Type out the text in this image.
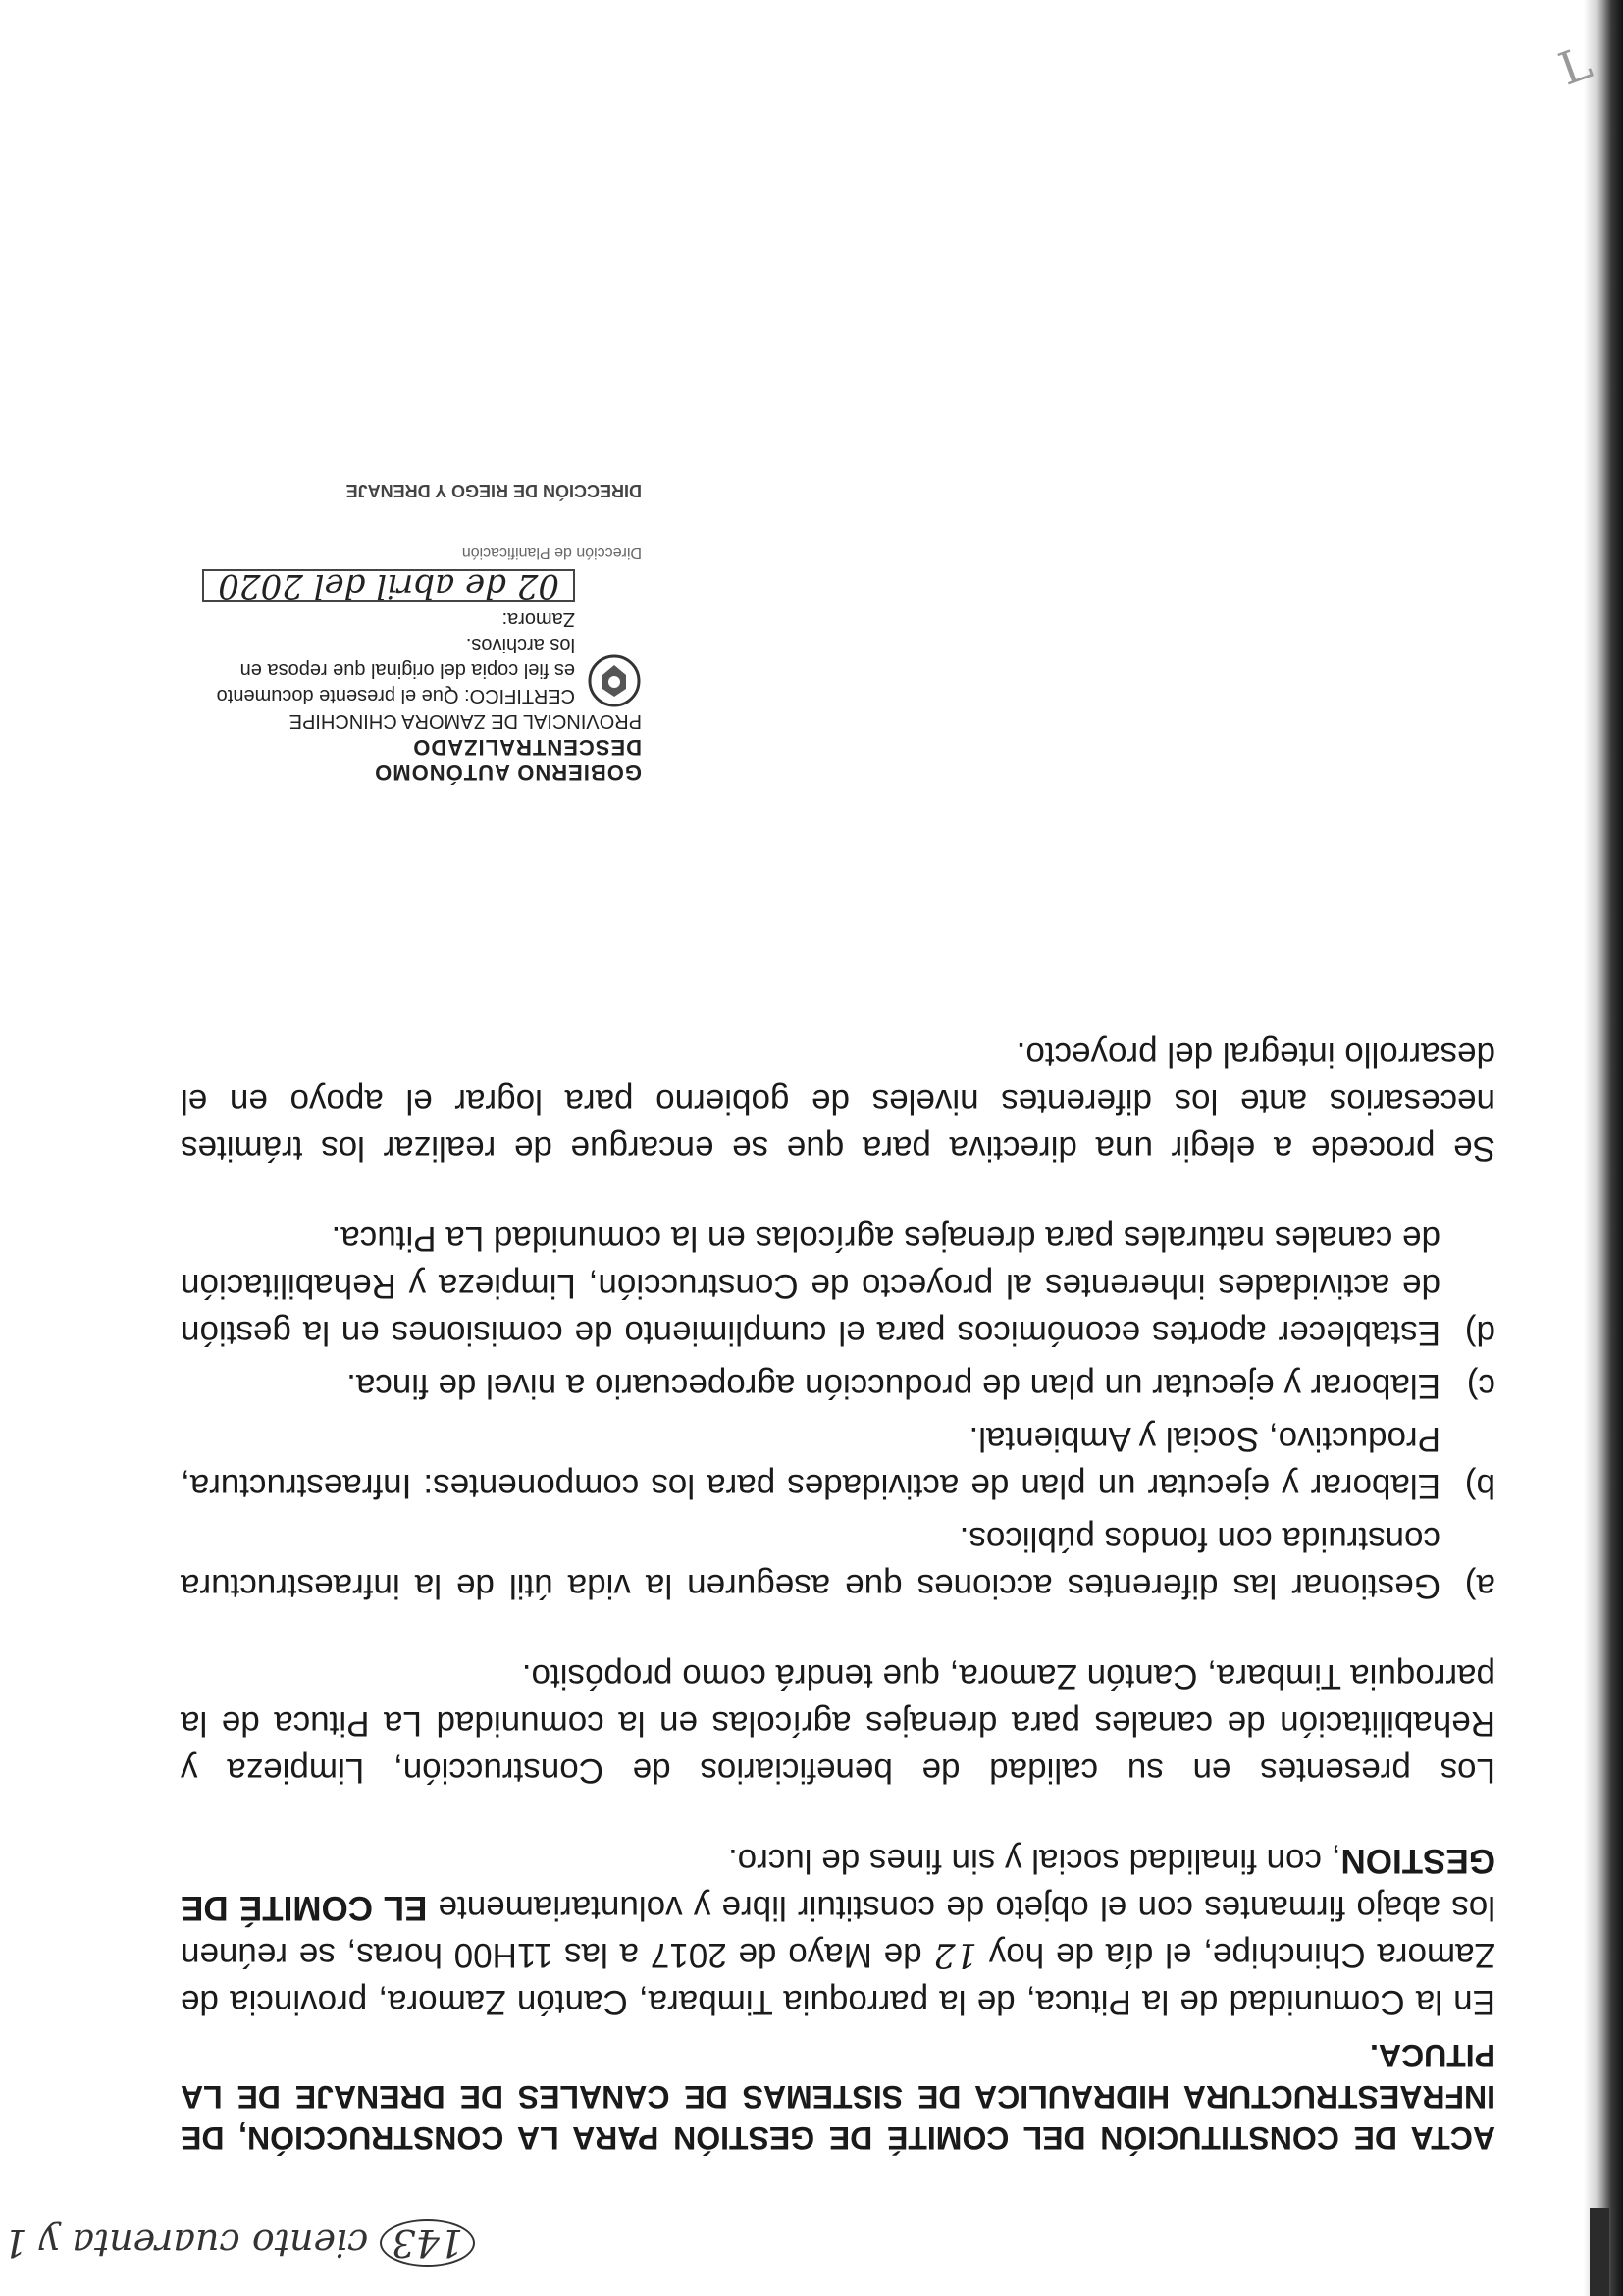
L
143 ciento cuarenta y 1
ACTA DE CONSTITUCIÓN DEL COMITÉ DE GESTIÓN PARA LA CONSTRUCCIÓN, DE
INFRAESTRUCTURA HIDRAULICA DE SISTEMAS DE CANALES DE DRENAJE DE LA PITUCA.

En la Comunidad de la Pituca, de la parroquia Timbara, Cantón Zamora, provincia de Zamora Chinchipe, el día de hoy 12 de Mayo de 2017 a las 11H00 horas, se reúnen los abajo firmantes con el objeto de constituir libre y voluntariamente EL COMITÉ DE GESTION, con finalidad social y sin fines de lucro.

Los presentes en su calidad de beneficiarios de Construcción, Limpieza y Rehabilitación de canales para drenajes agrícolas en la comunidad La Pituca de la parroquia Timbara, Cantón Zamora, que tendrá como propósito.

a)
Gestionar las diferentes acciones que aseguren la vida útil de la infraestructura construida con fondos públicos.
b)
Elaborar y ejecutar un plan de actividades para los componentes: Infraestructura, Productivo, Social y Ambiental.
c)
Elaborar y ejecutar un plan de producción agropecuario a nivel de finca.
d)
Establecer aportes económicos para el cumplimiento de comisiones en la gestión de actividades inherentes al proyecto de Construcción, Limpieza y Rehabilitación de canales naturales para drenajes agrícolas en la comunidad La Pituca.

Se procede a elegir una directiva para que se encargue de realizar los trámites necesarios ante los diferentes niveles de gobierno para lograr el apoyo en el desarrollo integral del proyecto.

GOBIERNO AUTÓNOMO DESCENTRALIZADO
PROVINCIAL DE ZAMORA CHINCHIPE
CERTIFICO: Que el presente documento
es fiel copia del original que reposa en
los archivos.
Zamora: 02 de abril del 2020
Dirección de Planificación
DIRECCIÓN DE RIEGO Y DRENAJE
